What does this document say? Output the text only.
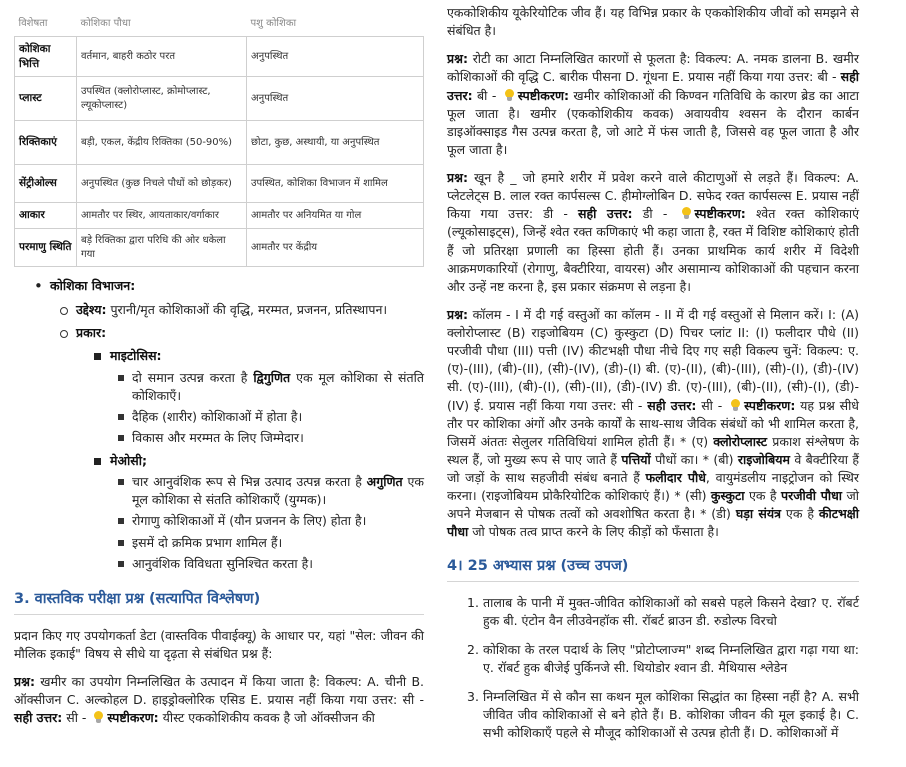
विशेषता	कोशिका पौधा	पशु कोशिका
कोशिका भित्ति	वर्तमान, बाहरी कठोर परत	अनुपस्थित
प्लास्ट	उपस्थित (क्लोरोप्लास्ट, क्रोमोप्लास्ट, ल्यूकोप्लास्ट)	अनुपस्थित
रिक्तिकाएं	बड़ी, एकल, केंद्रीय रिक्तिका (50-90%)	छोटा, कुछ, अस्थायी, या अनुपस्थित
सेंट्रीओल्स	अनुपस्थित (कुछ निचले पौधों को छोड़कर)	उपस्थित, कोशिका विभाजन में शामिल
आकार	आमतौर पर स्थिर, आयताकार/वर्गाकार	आमतौर पर अनियमित या गोल
परमाणु स्थिति	बड़े रिक्तिका द्वारा परिधि की ओर धकेला गया	आमतौर पर केंद्रीय
• कोशिका विभाजन:
उद्देश्य: पुरानी/मृत कोशिकाओं की वृद्धि, मरम्मत, प्रजनन, प्रतिस्थापन।
प्रकार:
माइटोसिस:
दो समान उत्पन्न करता है द्विगुणित एक मूल कोशिका से संतति कोशिकाएँ।
दैहिक (शारीर) कोशिकाओं में होता है।
विकास और मरम्मत के लिए जिम्मेदार।
मेओसी;
चार आनुवंशिक रूप से भिन्न उत्पाद उत्पन्न करता है अगुणित एक मूल कोशिका से संतति कोशिकाएँ (युग्मक)।
रोगाणु कोशिकाओं में (यौन प्रजनन के लिए) होता है।
इसमें दो क्रमिक प्रभाग शामिल हैं।
आनुवंशिक विविधता सुनिश्चित करता है।
3. वास्तविक परीक्षा प्रश्न (सत्यापित विश्लेषण)

प्रदान किए गए उपयोगकर्ता डेटा (वास्तविक पीवाईक्यू) के आधार पर, यहां "सेल: जीवन की मौलिक इकाई" विषय से सीधे या दृढ़ता से संबंधित प्रश्न हैं:

प्रश्न: खमीर का उपयोग निम्नलिखित के उत्पादन में किया जाता है: विकल्प: A. चीनी B. ऑक्सीजन C. अल्कोहल D. हाइड्रोक्लोरिक एसिड E. प्रयास नहीं किया गया उत्तर: सी - सही उत्तर: सी - स्पष्टीकरण: यीस्ट एककोशिकीय कवक है जो ऑक्सीजन की

एककोशिकीय यूकेरियोटिक जीव हैं। यह विभिन्न प्रकार के एककोशिकीय जीवों को समझने से संबंधित है।

प्रश्न: रोटी का आटा निम्नलिखित कारणों से फूलता है: विकल्प: A. नमक डालना B. खमीर कोशिकाओं की वृद्धि C. बारीक पीसना D. गूंधना E. प्रयास नहीं किया गया उत्तर: बी - सही उत्तर: बी - स्पष्टीकरण: खमीर कोशिकाओं की किण्वन गतिविधि के कारण ब्रेड का आटा फूल जाता है। खमीर (एककोशिकीय कवक) अवायवीय श्वसन के दौरान कार्बन डाइऑक्साइड गैस उत्पन्न करता है, जो आटे में फंस जाती है, जिससे वह फूल जाता है और फूल जाता है।

प्रश्न: खून है _ जो हमारे शरीर में प्रवेश करने वाले कीटाणुओं से लड़ते हैं। विकल्प: A. प्लेटलेट्स B. लाल रक्त कार्पसल्स C. हीमोग्लोबिन D. सफेद रक्त कार्पसल्स E. प्रयास नहीं किया गया उत्तर: डी - सही उत्तर: डी - स्पष्टीकरण: श्वेत रक्त कोशिकाएं (ल्यूकोसाइट्स), जिन्हें श्वेत रक्त कणिकाएं भी कहा जाता है, रक्त में विशिष्ट कोशिकाएं होती हैं जो प्रतिरक्षा प्रणाली का हिस्सा होती हैं। उनका प्राथमिक कार्य शरीर में विदेशी आक्रमणकारियों (रोगाणु, बैक्टीरिया, वायरस) और असामान्य कोशिकाओं की पहचान करना और उन्हें नष्ट करना है, इस प्रकार संक्रमण से लड़ना है।

प्रश्न: कॉलम - I में दी गई वस्तुओं का कॉलम - II में दी गई वस्तुओं से मिलान करें। I: (A) क्लोरोप्लास्ट (B) राइजोबियम (C) कुस्कुटा (D) पिचर प्लांट II: (I) फलीदार पौधे (II) परजीवी पौधा (III) पत्ती (IV) कीटभक्षी पौधा नीचे दिए गए सही विकल्प चुनें: विकल्प: ए. (ए)-(III), (बी)-(II), (सी)-(IV), (डी)-(I) बी. (ए)-(II), (बी)-(III), (सी)-(I), (डी)-(IV) सी. (ए)-(III), (बी)-(I), (सी)-(II), (डी)-(IV) डी. (ए)-(III), (बी)-(II), (सी)-(I), (डी)-(IV) ई. प्रयास नहीं किया गया उत्तर: सी - सही उत्तर: सी - स्पष्टीकरण: यह प्रश्न सीधे तौर पर कोशिका अंगों और उनके कार्यों के साथ-साथ जैविक संबंधों को भी शामिल करता है, जिसमें अंततः सेलुलर गतिविधियां शामिल होती हैं। * (ए) क्लोरोप्लास्ट प्रकाश संश्लेषण के स्थल हैं, जो मुख्य रूप से पाए जाते हैं पत्तियों पौधों का। * (बी) राइजोबियम वे बैक्टीरिया हैं जो जड़ों के साथ सहजीवी संबंध बनाते हैं फलीदार पौधे, वायुमंडलीय नाइट्रोजन को स्थिर करना। (राइजोबियम प्रोकैरियोटिक कोशिकाएं हैं।) * (सी) कुस्कुटा एक है परजीवी पौधा जो अपने मेजबान से पोषक तत्वों को अवशोषित करता है। * (डी) घड़ा संयंत्र एक है कीटभक्षी पौधा जो पोषक तत्व प्राप्त करने के लिए कीड़ों को फँसाता है।

4। 25 अभ्यास प्रश्न (उच्च उपज)
1. तालाब के पानी में मुक्त-जीवित कोशिकाओं को सबसे पहले किसने देखा? ए. रॉबर्ट हुक बी. एंटोन वैन लीउवेनहॉक सी. रॉबर्ट ब्राउन डी. रुडोल्फ विरचो
2. कोशिका के तरल पदार्थ के लिए "प्रोटोप्लाज्म" शब्द निम्नलिखित द्वारा गढ़ा गया था: ए. रॉबर्ट हुक बीजेई पुर्किनजे सी. थियोडोर श्वान डी. मैथियास श्लेडेन
3. निम्नलिखित में से कौन सा कथन मूल कोशिका सिद्धांत का हिस्सा नहीं है? A. सभी जीवित जीव कोशिकाओं से बने होते हैं। B. कोशिका जीवन की मूल इकाई है। C. सभी कोशिकाएँ पहले से मौजूद कोशिकाओं से उत्पन्न होती हैं। D. कोशिकाओं में
